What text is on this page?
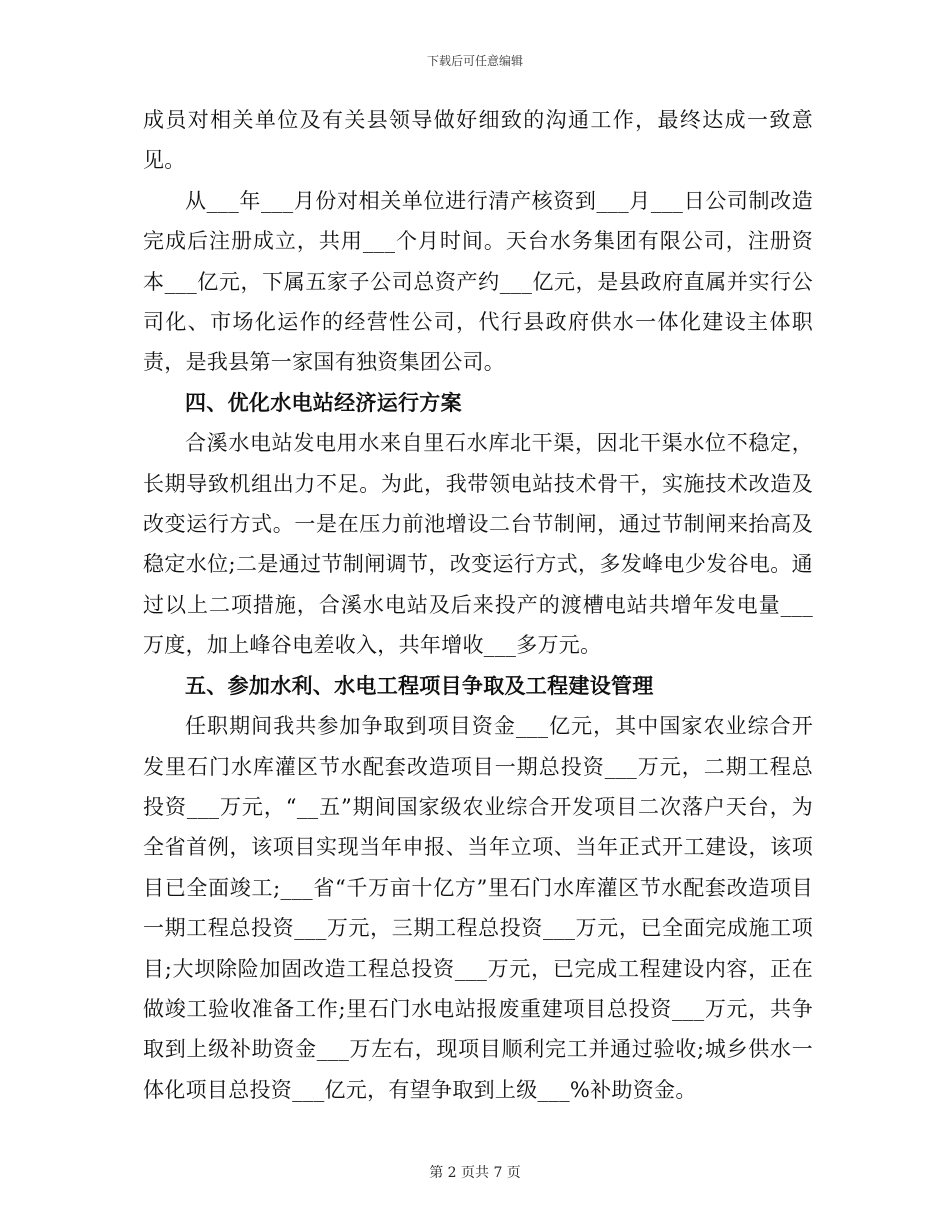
下载后可任意编辑

成员对相关单位及有关县领导做好细致的沟通工作，最终达成一致意见。

从___年___月份对相关单位进行清产核资到___月___日公司制改造完成后注册成立，共用___个月时间。天台水务集团有限公司，注册资本___亿元，下属五家子公司总资产约___亿元，是县政府直属并实行公司化、市场化运作的经营性公司，代行县政府供水一体化建设主体职责，是我县第一家国有独资集团公司。

四、优化水电站经济运行方案

合溪水电站发电用水来自里石水库北干渠，因北干渠水位不稳定，长期导致机组出力不足。为此，我带领电站技术骨干，实施技术改造及改变运行方式。一是在压力前池增设二台节制闸，通过节制闸来抬高及稳定水位;二是通过节制闸调节，改变运行方式，多发峰电少发谷电。通过以上二项措施，合溪水电站及后来投产的渡槽电站共增年发电量___万度，加上峰谷电差收入，共年增收___多万元。

五、参加水利、水电工程项目争取及工程建设管理

任职期间我共参加争取到项目资金___亿元，其中国家农业综合开发里石门水库灌区节水配套改造项目一期总投资___万元，二期工程总投资___万元，“__五”期间国家级农业综合开发项目二次落户天台，为全省首例，该项目实现当年申报、当年立项、当年正式开工建设，该项目已全面竣工;___省“千万亩十亿方”里石门水库灌区节水配套改造项目一期工程总投资___万元，三期工程总投资___万元，已全面完成施工项目;大坝除险加固改造工程总投资___万元，已完成工程建设内容，正在做竣工验收准备工作;里石门水电站报废重建项目总投资___万元，共争取到上级补助资金___万左右，现项目顺利完工并通过验收;城乡供水一体化项目总投资___亿元，有望争取到上级___%补助资金。

第 2 页共 7 页
